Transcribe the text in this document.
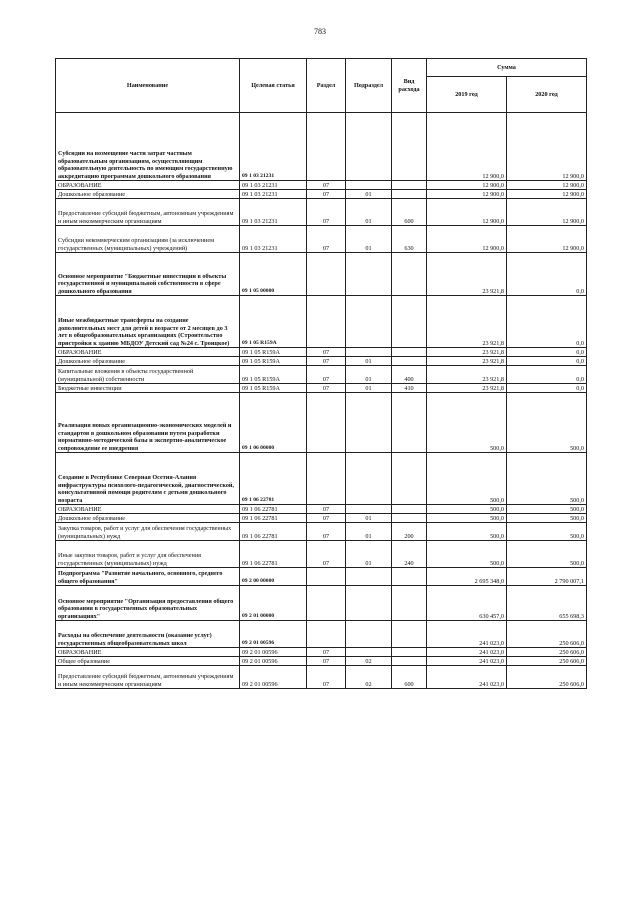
783
Наименование	Целевая статья	Раздел	Подраздел	Вид расхода	Сумма	
					2019 год	2020 год
Субсидии на возмещение части затрат частным образовательным организациям, осуществляющим образовательную деятельность по имеющим государственную аккредитацию программам дошкольного образования	09 1 03 21231				12 900,0	12 900,0
ОБРАЗОВАНИЕ	09 1 03 21231	07			12 900,0	12 900,0
Дошкольное образование	09 1 03 21231	07	01		12 900,0	12 900,0
Предоставление субсидий бюджетным, автономным учреждениям и иным некоммерческим организациям	09 1 03 21231	07	01	600	12 900,0	12 900,0
Субсидии некоммерческим организациям (за исключением государственных (муниципальных) учреждений)	09 1 03 21231	07	01	630	12 900,0	12 900,0
Основное мероприятие "Бюджетные инвестиции в объекты государственной и муниципальной собственности в сфере дошкольного образования	09 1 05 00000				23 921,8	0,0
Иные межбюджетные трансферты на создание дополнительных мест для детей в возрасте от 2 месяцев до 3 лет в общеобразовательных организациях (Строительство пристройки к зданию МБДОУ Детский сад №24 с. Троицкое)	09 1 05 R159A				23 921,8	0,0
ОБРАЗОВАНИЕ	09 1 05 R159A	07			23 921,8	0,0
Дошкольное образование	09 1 05 R159A	07	01		23 921,8	0,0
Капитальные вложения в объекты государственной (муниципальной) собственности	09 1 05 R159A	07	01	400	23 921,8	0,0
Бюджетные инвестиции	09 1 05 R159A	07	01	410	23 921,8	0,0
Реализация новых организационно-экономических моделей и стандартов в дошкольном образовании путем разработки нормативно-методической базы и экспертно-аналитическое сопровождение ее внедрения	09 1 06 00000				500,0	500,0
Создание в Республике Северная Осетия-Алания инфраструктуры психолого-педагогической, диагностической, консультативной помощи родителям с детьми дошкольного возраста	09 1 06 22781				500,0	500,0
ОБРАЗОВАНИЕ	09 1 06 22781	07			500,0	500,0
Дошкольное образование	09 1 06 22781	07	01		500,0	500,0
Закупка товаров, работ и услуг для обеспечения государственных (муниципальных) нужд	09 1 06 22781	07	01	200	500,0	500,0
Иные закупки товаров, работ и услуг для обеспечения государственных (муниципальных) нужд	09 1 06 22781	07	01	240	500,0	500,0
Подпрограмма "Развитие начального, основного, среднего общего образования"	09 2 00 00000				2 695 348,0	2 790 007,1
Основное мероприятие "Организация предоставления общего образования в государственных образовательных организациях"	09 2 01 00000				630 457,0	655 698,3
Расходы на обеспечение деятельности (оказание услуг) государственных общеобразовательных школ	09 2 01 00596				241 023,0	250 606,0
ОБРАЗОВАНИЕ	09 2 01 00596	07			241 023,0	250 606,0
Общее образование	09 2 01 00596	07	02		241 023,0	250 606,0
Предоставление субсидий бюджетным, автономным учреждениям и иным некоммерческим организациям	09 2 01 00596	07	02	600	241 023,0	250 606,0
